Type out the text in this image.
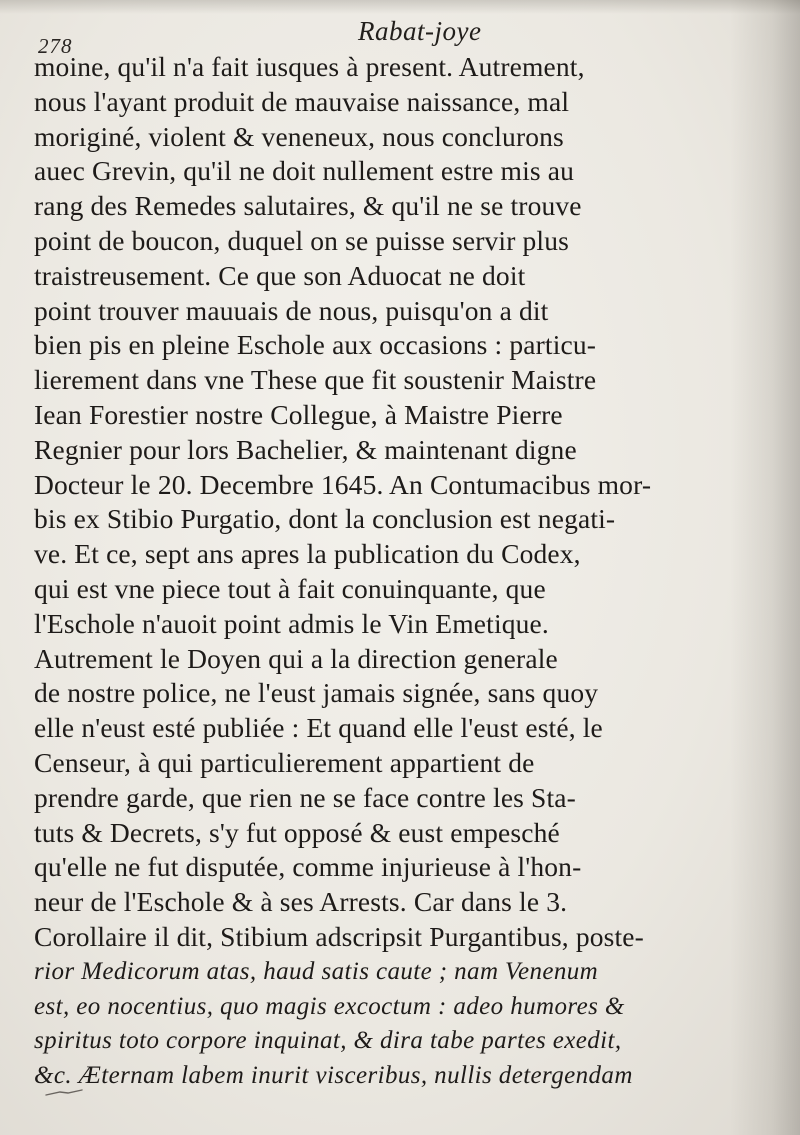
278	Rabat-joye
moine, qu'il n'a fait iusques à present. Autrement,
nous l'ayant produit de mauvaise naissance, mal
moriginé, violent & veneneux, nous conclurons
auec Grevin, qu'il ne doit nullement estre mis au
rang des Remedes salutaires, & qu'il ne se trouve
point de boucon, duquel on se puisse servir plus
traistreusement. Ce que son Aduocat ne doit
point trouver mauuais de nous, puisqu'on a dit
bien pis en pleine Eschole aux occasions : particu-
lierement dans vne These que fit soustenir Maistre
Iean Forestier nostre Collegue, à Maistre Pierre
Regnier pour lors Bachelier, & maintenant digne
Docteur le 20. Decembre 1645. An Contumacibus mor-
bis ex Stibio Purgatio, dont la conclusion est negati-
ve. Et ce, sept ans apres la publication du Codex,
qui est vne piece tout à fait conuinquante, que
l'Eschole n'auoit point admis le Vin Emetique.
Autrement le Doyen qui a la direction generale
de nostre police, ne l'eust jamais signée, sans quoy
elle n'eust esté publiée : Et quand elle l'eust esté, le
Censeur, à qui particulierement appartient de
prendre garde, que rien ne se face contre les Sta-
tuts & Decrets, s'y fut opposé & eust empesché
qu'elle ne fut disputée, comme injurieuse à l'hon-
neur de l'Eschole & à ses Arrests. Car dans le 3.
Corollaire il dit, Stibium adscripsit Purgantibus, poste-
rior Medicorum atas, haud satis caute ; nam Venenum
est, eo nocentius, quo magis excoctum : adeo humores &
spiritus toto corpore inquinat, & dira tabe partes exedit,
&c. Æternam labem inurit visceribus, nullis detergendam
